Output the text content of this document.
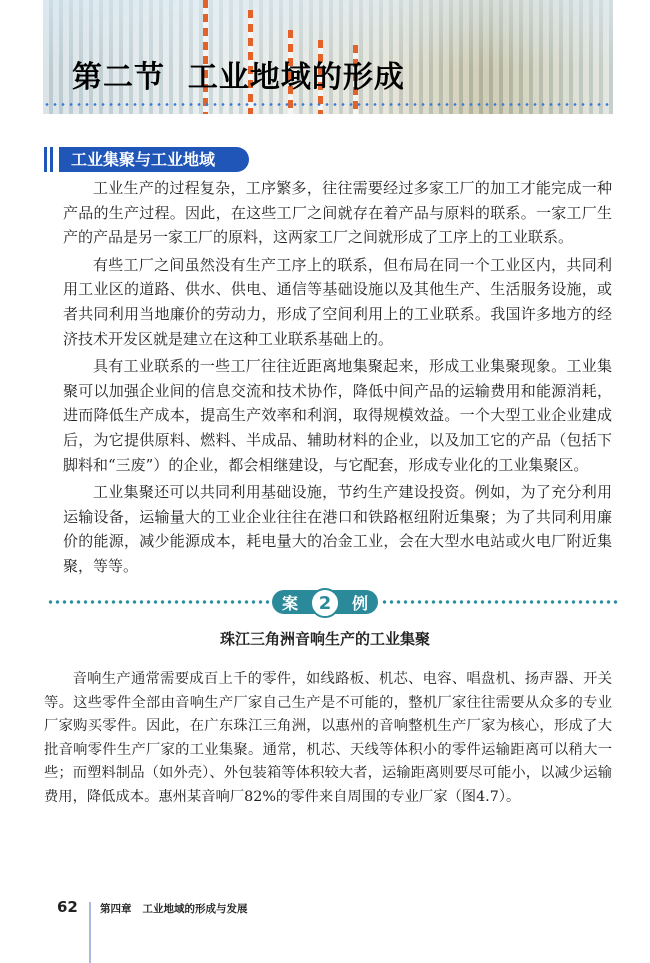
第二节  工业地域的形成
工业集聚与工业地域

工业生产的过程复杂，工序繁多，往往需要经过多家工厂的加工才能完成一种产品的生产过程。因此，在这些工厂之间就存在着产品与原料的联系。一家工厂生产的产品是另一家工厂的原料，这两家工厂之间就形成了工序上的工业联系。

有些工厂之间虽然没有生产工序上的联系，但布局在同一个工业区内，共同利用工业区的道路、供水、供电、通信等基础设施以及其他生产、生活服务设施，或者共同利用当地廉价的劳动力，形成了空间利用上的工业联系。我国许多地方的经济技术开发区就是建立在这种工业联系基础上的。

具有工业联系的一些工厂往往近距离地集聚起来，形成工业集聚现象。工业集聚可以加强企业间的信息交流和技术协作，降低中间产品的运输费用和能源消耗，进而降低生产成本，提高生产效率和利润，取得规模效益。一个大型工业企业建成后，为它提供原料、燃料、半成品、辅助材料的企业，以及加工它的产品（包括下脚料和“三废”）的企业，都会相继建设，与它配套，形成专业化的工业集聚区。

工业集聚还可以共同利用基础设施，节约生产建设投资。例如，为了充分利用运输设备，运输量大的工业企业往往在港口和铁路枢纽附近集聚；为了共同利用廉价的能源，减少能源成本，耗电量大的冶金工业，会在大型水电站或火电厂附近集聚，等等。

案	2	例
珠江三角洲音响生产的工业集聚

音响生产通常需要成百上千的零件，如线路板、机芯、电容、唱盘机、扬声器、开关等。这些零件全部由音响生产厂家自己生产是不可能的，整机厂家往往需要从众多的专业厂家购买零件。因此，在广东珠江三角洲，以惠州的音响整机生产厂家为核心，形成了大批音响零件生产厂家的工业集聚。通常，机芯、天线等体积小的零件运输距离可以稍大一些；而塑料制品（如外壳）、外包装箱等体积较大者，运输距离则要尽可能小，以减少运输费用，降低成本。惠州某音响厂82%的零件来自周围的专业厂家（图4.7）。

62 第四章   工业地域的形成与发展
